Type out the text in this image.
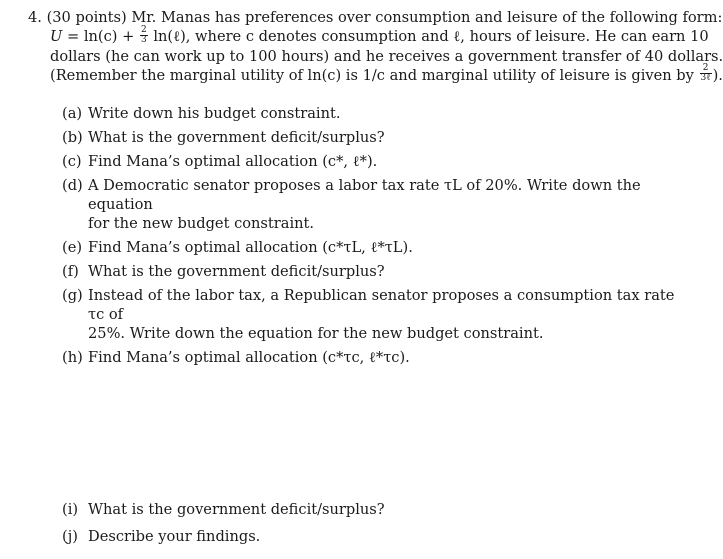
4. (30 points) Mr. Manas has preferences over consumption and leisure of the following form:
$U = \ln(c) + \frac{2}{3}$ ln(ℓ), where c denotes consumption and ℓ, hours of leisure. He can earn 10
dollars (he can work up to 100 hours) and he receives a government transfer of 40 dollars.
(Remember the marginal utility of ln(c) is 1/c and marginal utility of leisure is given by $\frac{2}{\text{3ℓ}}$ ).
(a) Write down his budget constraint.
(b) What is the government deficit/surplus?
(c) Find Mana’s optimal allocation (c*, ℓ*).
(d) A Democratic senator proposes a labor tax rate τL of 20%. Write down the equation
for the new budget constraint.
(e) Find Mana’s optimal allocation (c*τL, ℓ*τL).
(f) What is the government deficit/surplus?
(g) Instead of the labor tax, a Republican senator proposes a consumption tax rate τc of
25%. Write down the equation for the new budget constraint.
(h) Find Mana’s optimal allocation (c*τc, ℓ*τc).
(i) What is the government deficit/surplus?
(j) Describe your findings.
